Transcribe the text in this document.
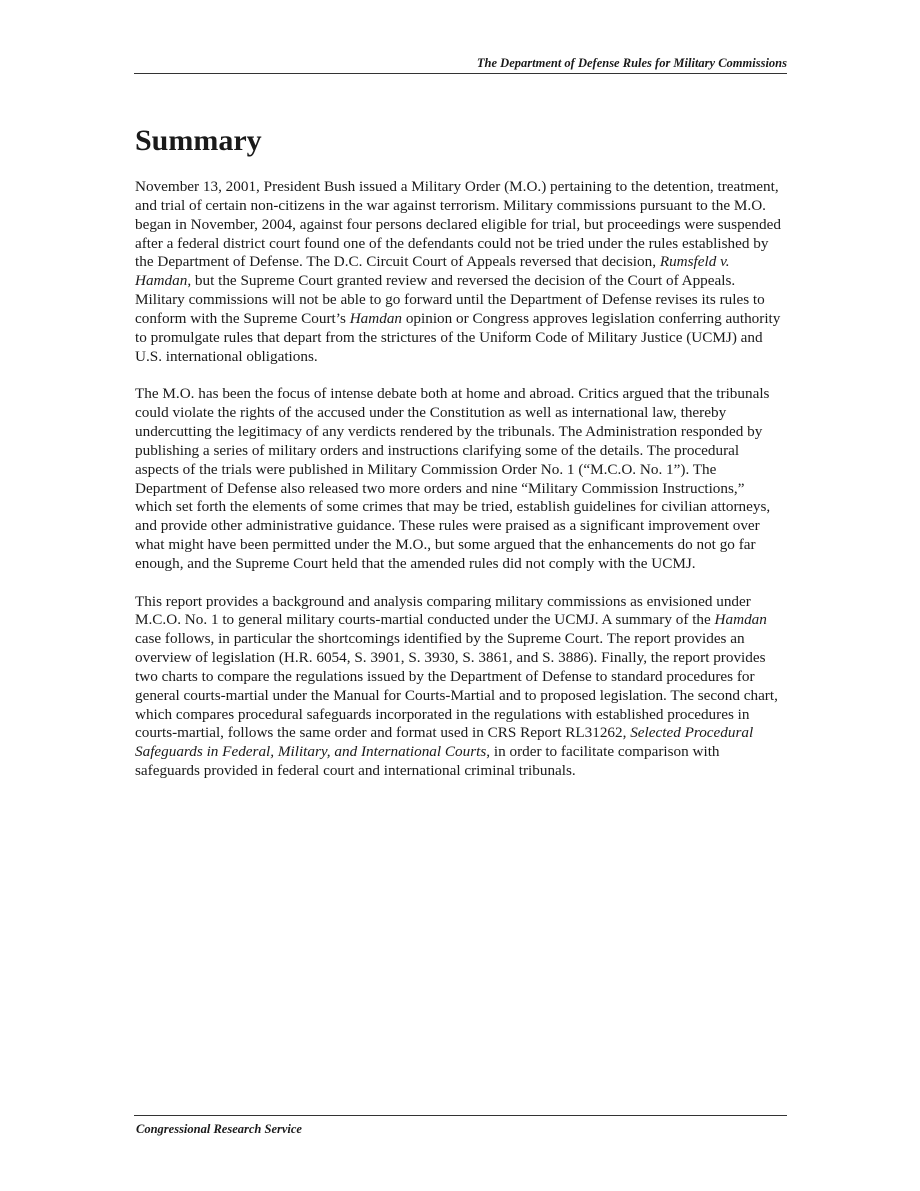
The Department of Defense Rules for Military Commissions
Summary

November 13, 2001, President Bush issued a Military Order (M.O.) pertaining to the detention, treatment, and trial of certain non-citizens in the war against terrorism. Military commissions pursuant to the M.O. began in November, 2004, against four persons declared eligible for trial, but proceedings were suspended after a federal district court found one of the defendants could not be tried under the rules established by the Department of Defense. The D.C. Circuit Court of Appeals reversed that decision, Rumsfeld v. Hamdan, but the Supreme Court granted review and reversed the decision of the Court of Appeals. Military commissions will not be able to go forward until the Department of Defense revises its rules to conform with the Supreme Court’s Hamdan opinion or Congress approves legislation conferring authority to promulgate rules that depart from the strictures of the Uniform Code of Military Justice (UCMJ) and U.S. international obligations.

The M.O. has been the focus of intense debate both at home and abroad. Critics argued that the tribunals could violate the rights of the accused under the Constitution as well as international law, thereby undercutting the legitimacy of any verdicts rendered by the tribunals. The Administration responded by publishing a series of military orders and instructions clarifying some of the details. The procedural aspects of the trials were published in Military Commission Order No. 1 (“M.C.O. No. 1”). The Department of Defense also released two more orders and nine “Military Commission Instructions,” which set forth the elements of some crimes that may be tried, establish guidelines for civilian attorneys, and provide other administrative guidance. These rules were praised as a significant improvement over what might have been permitted under the M.O., but some argued that the enhancements do not go far enough, and the Supreme Court held that the amended rules did not comply with the UCMJ.

This report provides a background and analysis comparing military commissions as envisioned under M.C.O. No. 1 to general military courts-martial conducted under the UCMJ. A summary of the Hamdan case follows, in particular the shortcomings identified by the Supreme Court. The report provides an overview of legislation (H.R. 6054, S. 3901, S. 3930, S. 3861, and S. 3886). Finally, the report provides two charts to compare the regulations issued by the Department of Defense to standard procedures for general courts-martial under the Manual for Courts-Martial and to proposed legislation. The second chart, which compares procedural safeguards incorporated in the regulations with established procedures in courts-martial, follows the same order and format used in CRS Report RL31262, Selected Procedural Safeguards in Federal, Military, and International Courts, in order to facilitate comparison with safeguards provided in federal court and international criminal tribunals.

Congressional Research Service
